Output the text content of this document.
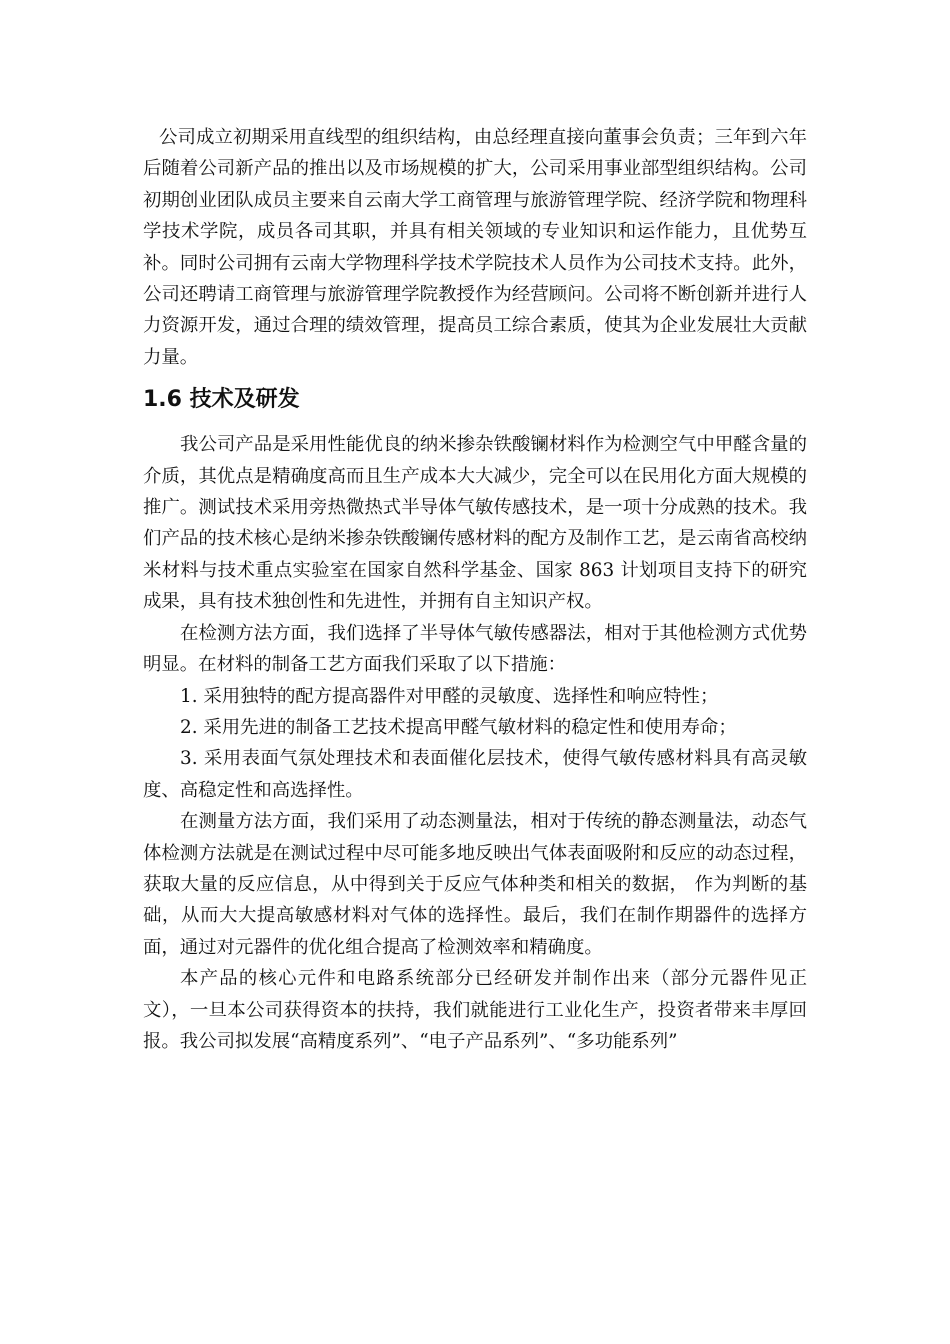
公司成立初期采用直线型的组织结构，由总经理直接向董事会负责；三年到六年后随着公司新产品的推出以及市场规模的扩大，公司采用事业部型组织结构。公司初期创业团队成员主要来自云南大学工商管理与旅游管理学院、经济学院和物理科学技术学院，成员各司其职，并具有相关领域的专业知识和运作能力，且优势互补。同时公司拥有云南大学物理科学技术学院技术人员作为公司技术支持。此外，公司还聘请工商管理与旅游管理学院教授作为经营顾问。公司将不断创新并进行人力资源开发，通过合理的绩效管理，提高员工综合素质，使其为企业发展壮大贡献力量。

1.6 技术及研发

我公司产品是采用性能优良的纳米掺杂铁酸镧材料作为检测空气中甲醛含量的介质，其优点是精确度高而且生产成本大大减少，完全可以在民用化方面大规模的推广。测试技术采用旁热微热式半导体气敏传感技术，是一项十分成熟的技术。我们产品的技术核心是纳米掺杂铁酸镧传感材料的配方及制作工艺，是云南省高校纳米材料与技术重点实验室在国家自然科学基金、国家 863 计划项目支持下的研究成果，具有技术独创性和先进性，并拥有自主知识产权。

在检测方法方面，我们选择了半导体气敏传感器法，相对于其他检测方式优势明显。在材料的制备工艺方面我们采取了以下措施：

1. 采用独特的配方提高器件对甲醛的灵敏度、选择性和响应特性；

2. 采用先进的制备工艺技术提高甲醛气敏材料的稳定性和使用寿命；

3. 采用表面气氛处理技术和表面催化层技术，使得气敏传感材料具有高灵敏度、高稳定性和高选择性。

在测量方法方面，我们采用了动态测量法，相对于传统的静态测量法，动态气体检测方法就是在测试过程中尽可能多地反映出气体表面吸附和反应的动态过程，获取大量的反应信息，从中得到关于反应气体种类和相关的数据， 作为判断的基础，从而大大提高敏感材料对气体的选择性。最后，我们在制作期器件的选择方面，通过对元器件的优化组合提高了检测效率和精确度。

本产品的核心元件和电路系统部分已经研发并制作出来（部分元器件见正文），一旦本公司获得资本的扶持，我们就能进行工业化生产，投资者带来丰厚回报。我公司拟发展“高精度系列”、“电子产品系列”、“多功能系列”
